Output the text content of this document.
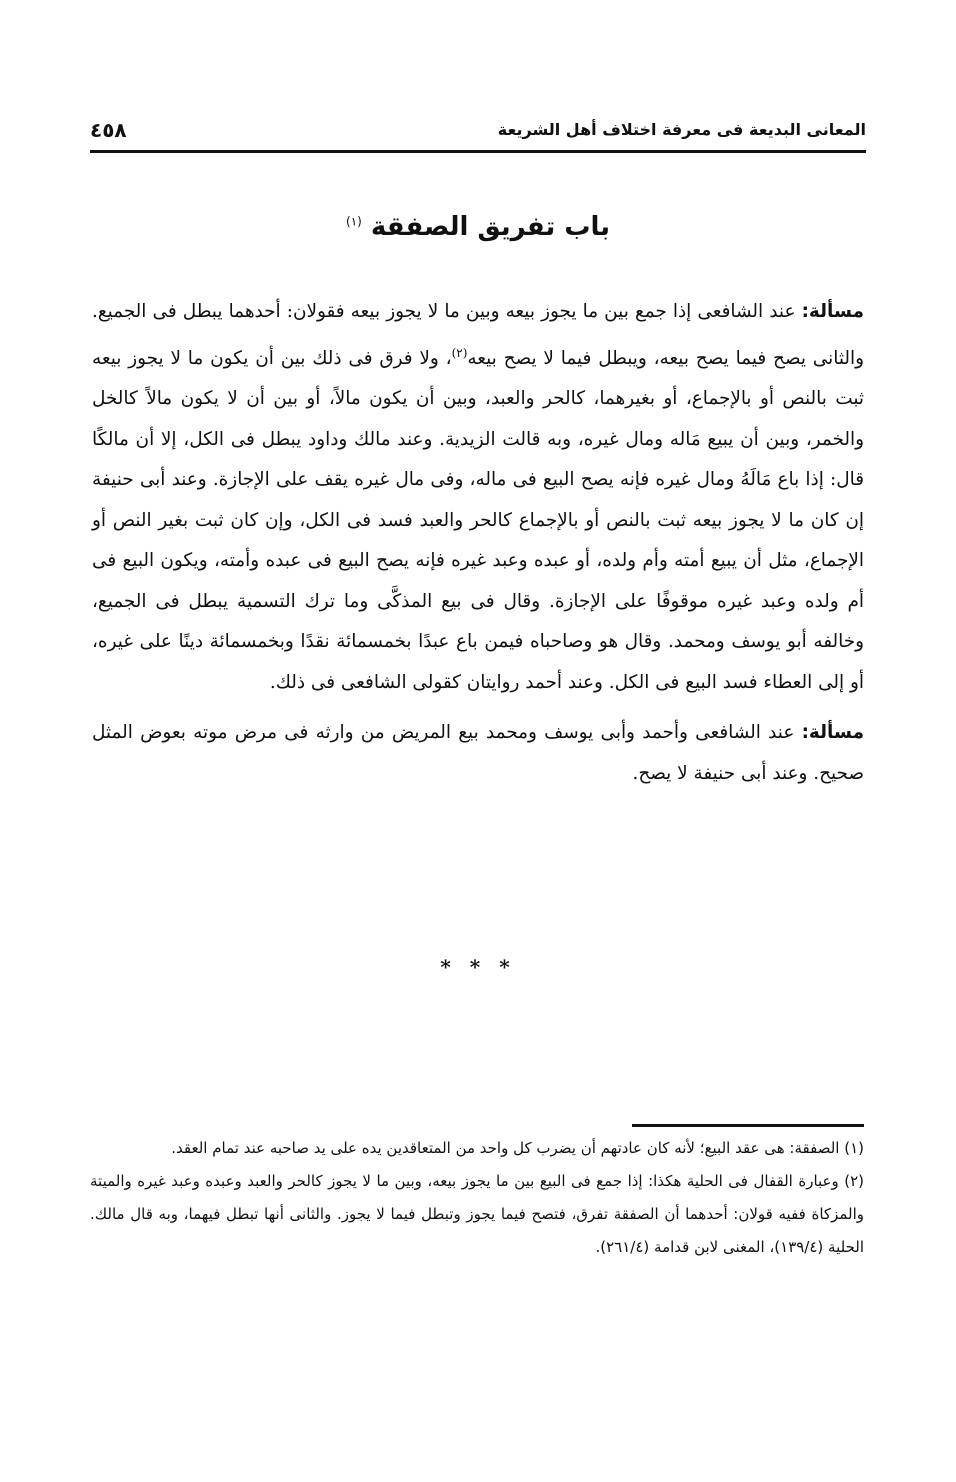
المعانى البديعة فى معرفة اختلاف أهل الشريعة
٤٥٨
باب تفريق الصفقة $^{(١)}$

مسألة: عند الشافعى إذا جمع بين ما يجوز بيعه وبين ما لا يجوز بيعه فقولان: أحدهما يبطل فى الجميع. والثانى يصح فيما يصح بيعه، ويبطل فيما لا يصح بيعه$^{(٢)}$، ولا فرق فى ذلك بين أن يكون ما لا يجوز بيعه ثبت بالنص أو بالإجماع، أو بغيرهما، كالحر والعبد، وبين أن يكون مالاً، أو بين أن لا يكون مالاً كالخل والخمر، وبين أن يبيع مَاله ومال غيره، وبه قالت الزيدية. وعند مالك وداود يبطل فى الكل، إلا أن مالكًا قال: إذا باع مَالَهُ ومال غيره فإنه يصح البيع فى ماله، وفى مال غيره يقف على الإجازة. وعند أبى حنيفة إن كان ما لا يجوز بيعه ثبت بالنص أو بالإجماع كالحر والعبد فسد فى الكل، وإن كان ثبت بغير النص أو الإجماع، مثل أن يبيع أمته وأم ولده، أو عبده وعبد غيره فإنه يصح البيع فى عبده وأمته، ويكون البيع فى أم ولده وعبد غيره موقوفًا على الإجازة. وقال فى بيع المذكَّى وما ترك التسمية يبطل فى الجميع، وخالفه أبو يوسف ومحمد. وقال هو وصاحباه فيمن باع عبدًا بخمسمائة نقدًا وبخمسمائة دينًا على غيره، أو إلى العطاء فسد البيع فى الكل. وعند أحمد روايتان كقولى الشافعى فى ذلك.

مسألة: عند الشافعى وأحمد وأبى يوسف ومحمد بيع المريض من وارثه فى مرض موته بعوض المثل صحيح. وعند أبى حنيفة لا يصح.

* * *

(١) الصفقة: هى عقد البيع؛ لأنه كان عادتهم أن يضرب كل واحد من المتعاقدين يده على يد صاحبه عند تمام العقد.

(٢) وعبارة القفال فى الحلية هكذا: إذا جمع فى البيع بين ما يجوز بيعه، وبين ما لا يجوز كالحر والعبد وعبده وعبد غيره والميتة والمزكاة ففيه قولان: أحدهما أن الصفقة تفرق، فتصح فيما يجوز وتبطل فيما لا يجوز. والثانى أنها تبطل فيهما، وبه قال مالك. الحلية (١٣٩/٤)، المغنى لابن قدامة (٢٦١/٤).
